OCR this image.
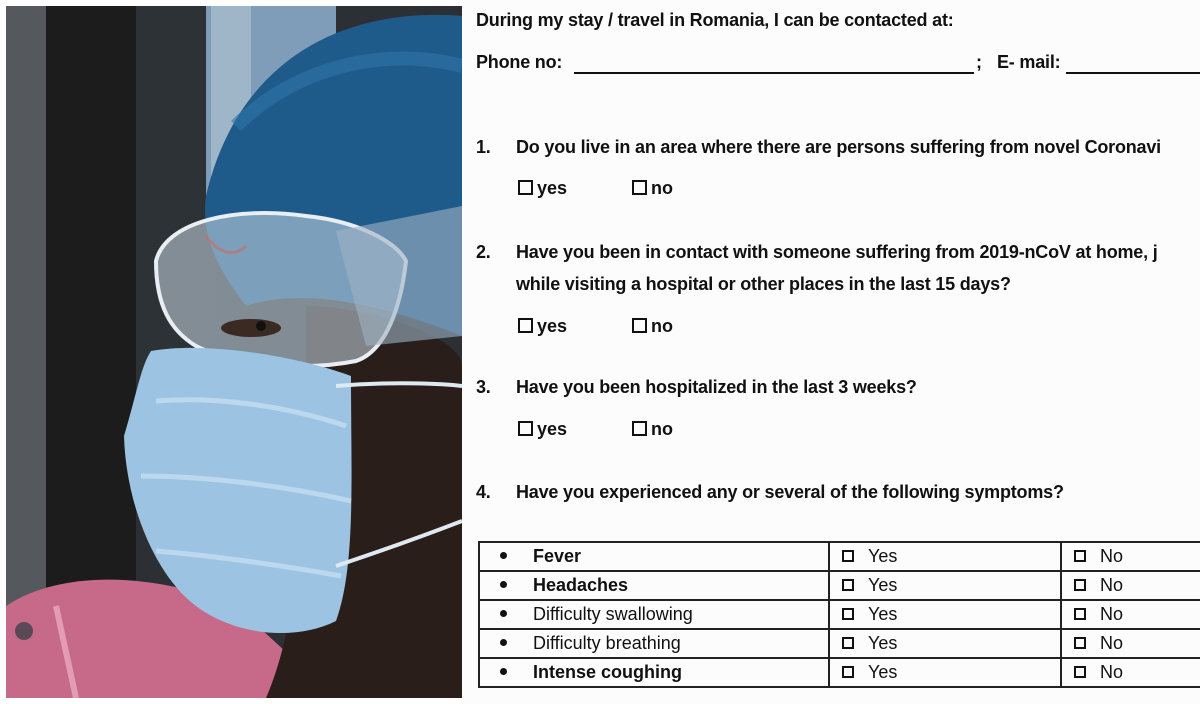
During my stay / travel in Romania, I can be contacted at:
Phone no:	; E- mail:
1. Do you live in an area where there are persons suffering from novel Coronavi
yes	no
2. Have you been in contact with someone suffering from 2019-nCoV at home, j
while visiting a hospital or other places in the last 15 days?
yes	no
3. Have you been hospitalized in the last 3 weeks?
yes	no
4. Have you experienced any or several of the following symptoms?
Fever	Yes	No
Headaches	Yes	No
Difficulty swallowing	Yes	No
Difficulty breathing	Yes	No
Intense coughing	Yes	No
